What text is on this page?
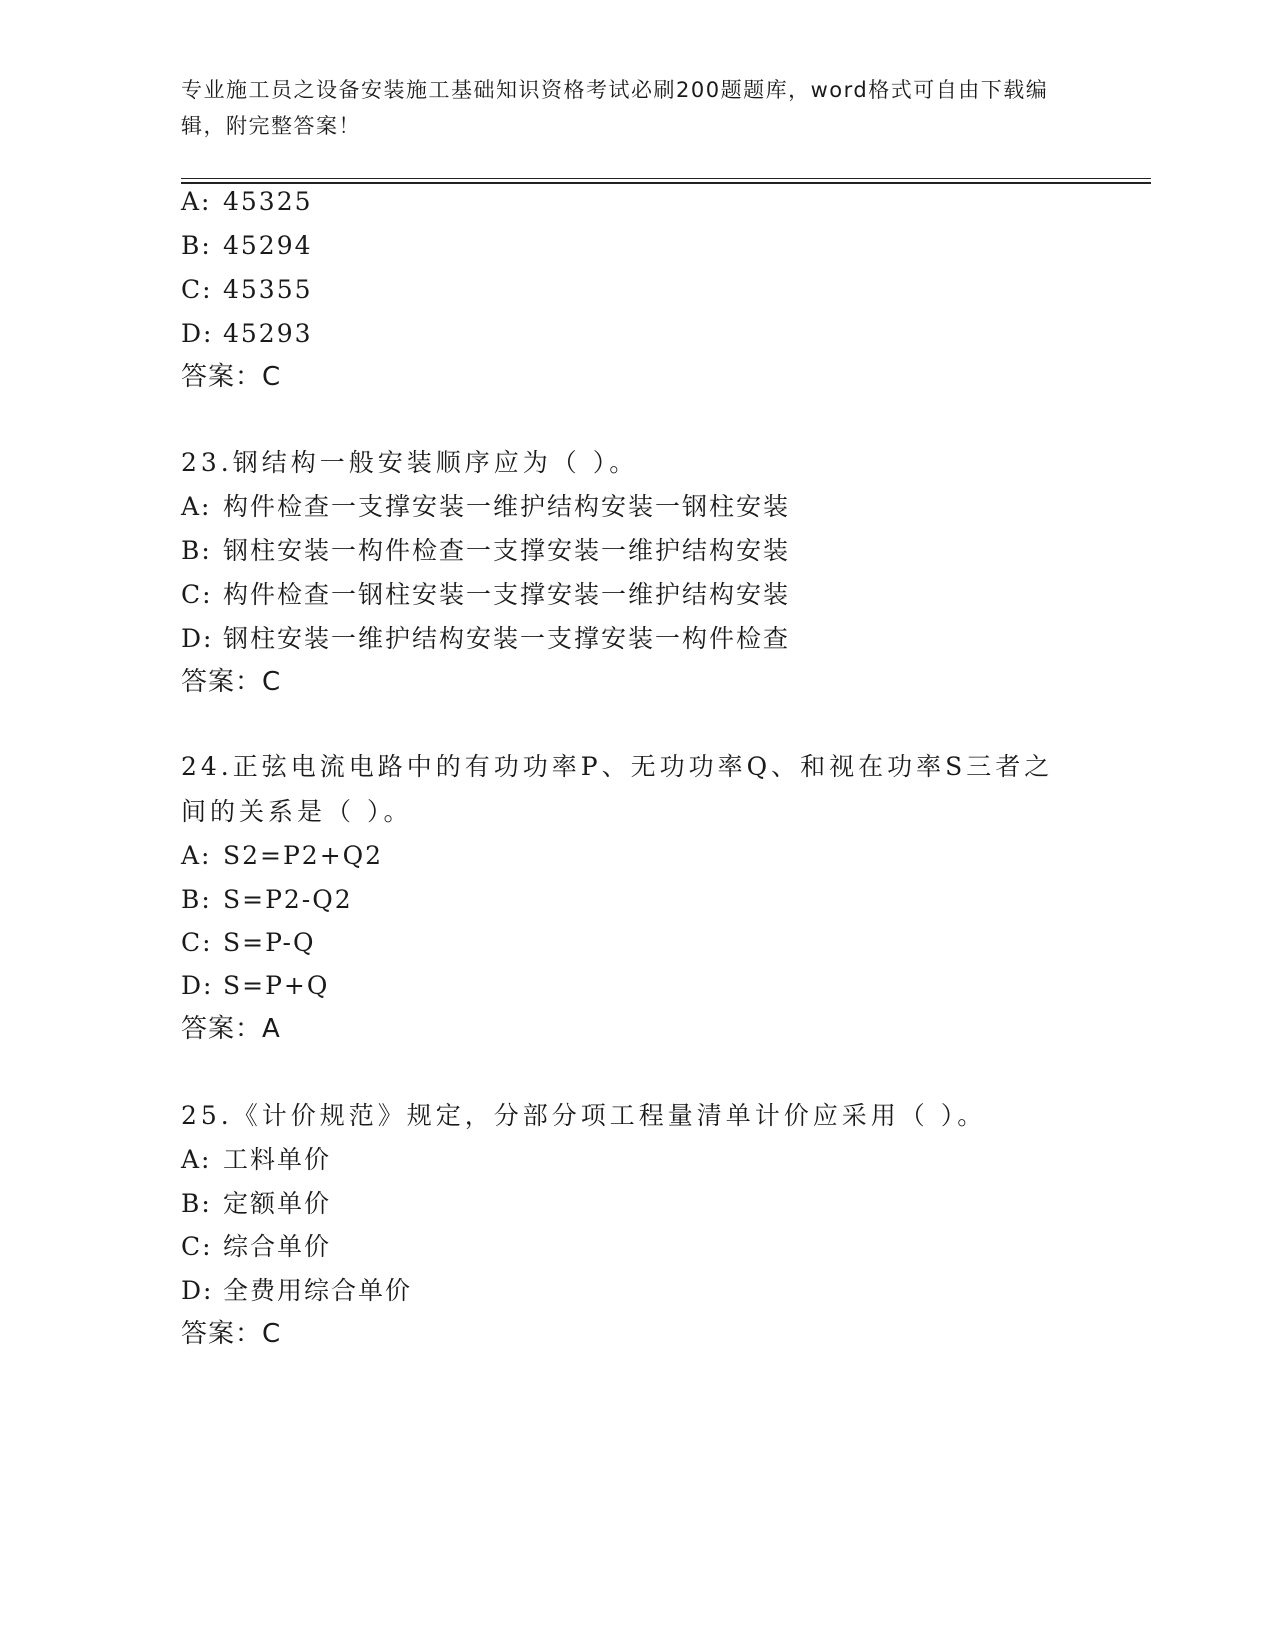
专业施工员之设备安装施工基础知识资格考试必刷200题题库，word格式可自由下载编辑，附完整答案！
A: 45325
B: 45294
C: 45355
D: 45293
答案：C
23.钢结构一般安装顺序应为（ ）。
A: 构件检查一支撑安装一维护结构安装一钢柱安装
B: 钢柱安装一构件检查一支撑安装一维护结构安装
C: 构件检查一钢柱安装一支撑安装一维护结构安装
D: 钢柱安装一维护结构安装一支撑安装一构件检查
答案：C
24.正弦电流电路中的有功功率P、无功功率Q、和视在功率S三者之间的关系是（ ）。
A: S2=P2+Q2
B: S=P2-Q2
C: S=P-Q
D: S=P+Q
答案：A
25.《计价规范》规定，分部分项工程量清单计价应采用（ ）。
A: 工料单价
B: 定额单价
C: 综合单价
D: 全费用综合单价
答案：C
